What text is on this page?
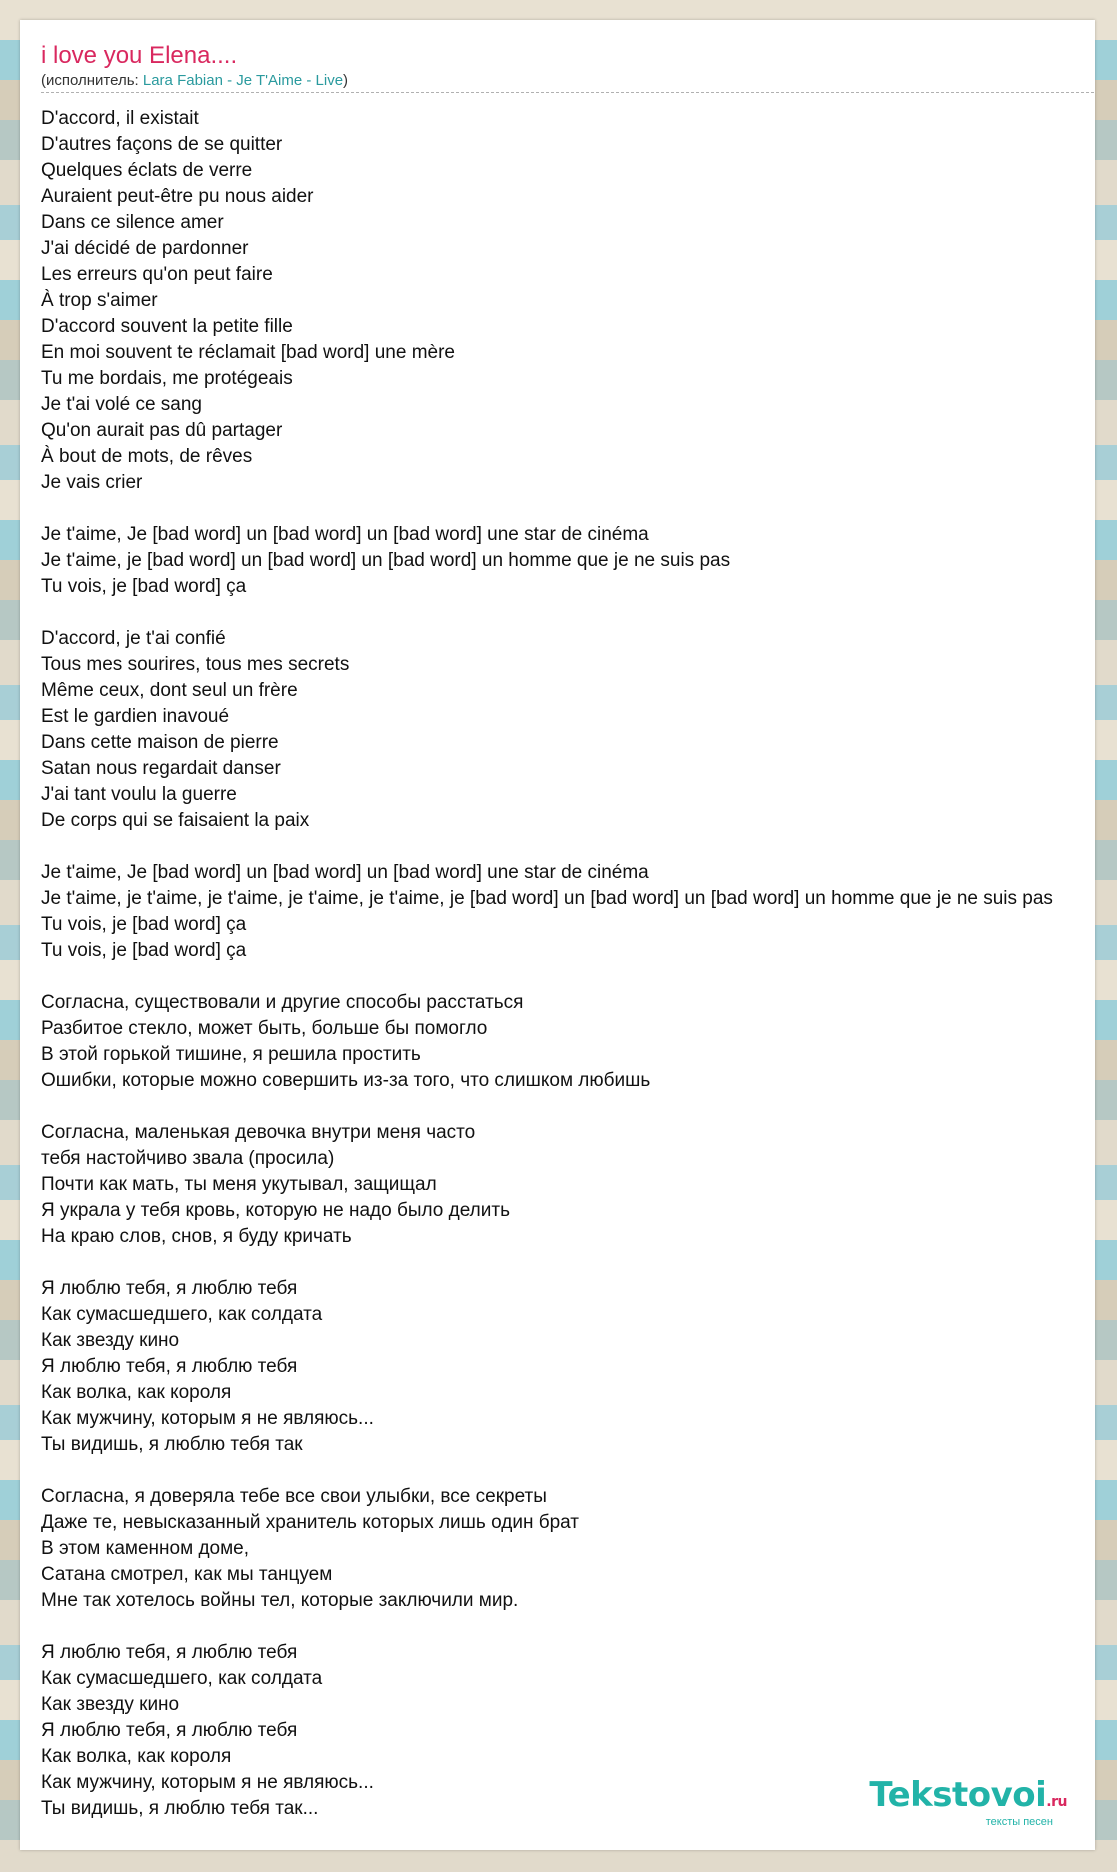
i love you Elena....
(исполнитель: Lara Fabian - Je T'Aime - Live)
D'accord, il existait
D'autres façons de se quitter
Quelques éclats de verre
Auraient peut-être pu nous aider
Dans ce silence amer
J'ai décidé de pardonner
Les erreurs qu'on peut faire
À trop s'aimer
D'accord souvent la petite fille
En moi souvent te réclamait [bad word] une mère
Tu me bordais, me protégeais
Je t'ai volé ce sang
Qu'on aurait pas dû partager
À bout de mots, de rêves
Je vais crier
Je t'aime, Je [bad word] un [bad word] un [bad word] une star de cinéma
Je t'aime, je [bad word] un [bad word] un [bad word] un homme que je ne suis pas
Tu vois, je [bad word] ça
D'accord, je t'ai confié
Tous mes sourires, tous mes secrets
Même ceux, dont seul un frère
Est le gardien inavoué
Dans cette maison de pierre
Satan nous regardait danser
J'ai tant voulu la guerre
De corps qui se faisaient la paix
Je t'aime, Je [bad word] un [bad word] un [bad word] une star de cinéma
Je t'aime, je t'aime, je t'aime, je t'aime, je t'aime, je [bad word] un [bad word] un [bad word] un homme que je ne suis pas
Tu vois, je [bad word] ça
Tu vois, je [bad word] ça
Согласна, существовали и другие способы расстаться
Разбитое стекло, может быть, больше бы помогло
В этой горькой тишине, я решила простить
Ошибки, которые можно совершить из-за того, что слишком любишь
Согласна, маленькая девочка внутри меня часто
тебя настойчиво звала (просила)
Почти как мать, ты меня укутывал, защищал
Я украла у тебя кровь, которую не надо было делить
На краю слов, снов, я буду кричать
Я люблю тебя, я люблю тебя
Как сумасшедшего, как солдата
Как звезду кино
Я люблю тебя, я люблю тебя
Как волка, как короля
Как мужчину, которым я не являюсь...
Ты видишь, я люблю тебя так
Согласна, я доверяла тебе все свои улыбки, все секреты
Даже те, невысказанный хранитель которых лишь один брат
В этом каменном доме,
Сатана смотрел, как мы танцуем
Мне так хотелось войны тел, которые заключили мир.
Я люблю тебя, я люблю тебя
Как сумасшедшего, как солдата
Как звезду кино
Я люблю тебя, я люблю тебя
Как волка, как короля
Как мужчину, которым я не являюсь...
Ты видишь, я люблю тебя так...	Tekstovoi.ru
тексты песен
